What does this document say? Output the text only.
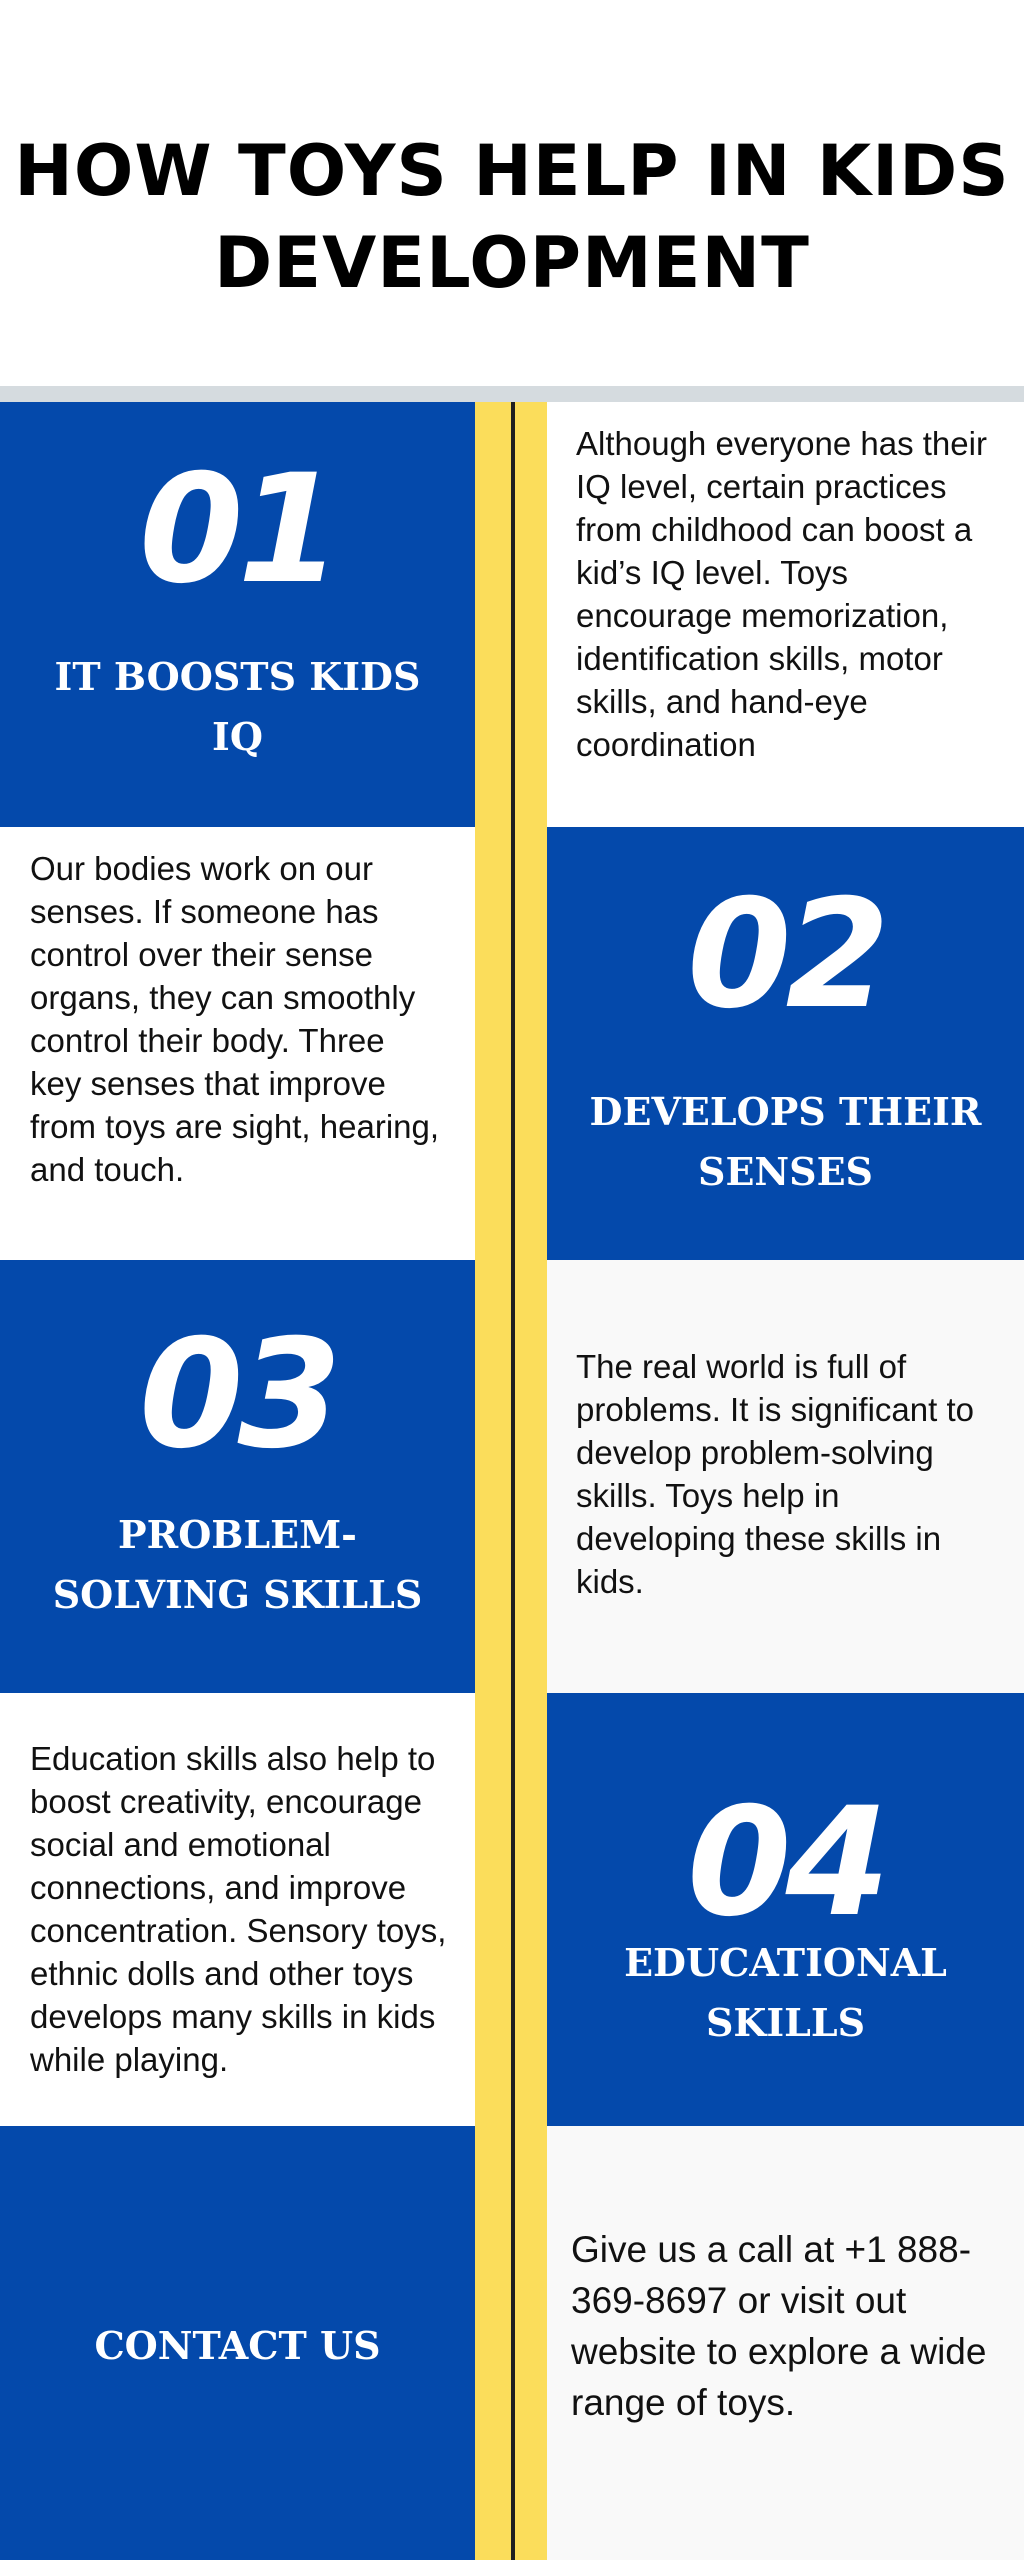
HOW TOYS HELP IN KIDS DEVELOPMENT
01
IT BOOSTS KIDS IQ
Although everyone has their IQ level, certain practices from childhood can boost a kid’s IQ level. Toys encourage memorization, identification skills, motor skills, and hand-eye coordination
Our bodies work on our senses. If someone has control over their sense organs, they can smoothly control their body. Three key senses that improve from toys are sight, hearing, and touch.
02
DEVELOPS THEIR SENSES
03
PROBLEM-SOLVING SKILLS
The real world is full of problems. It is significant to develop problem-solving skills. Toys help in developing these skills in kids.
Education skills also help to boost creativity, encourage social and emotional connections, and improve concentration. Sensory toys, ethnic dolls and other toys develops many skills in kids while playing.
04
EDUCATIONAL SKILLS
CONTACT US
Give us a call at +1 888-369-8697 or visit out website to explore a wide range of toys.
